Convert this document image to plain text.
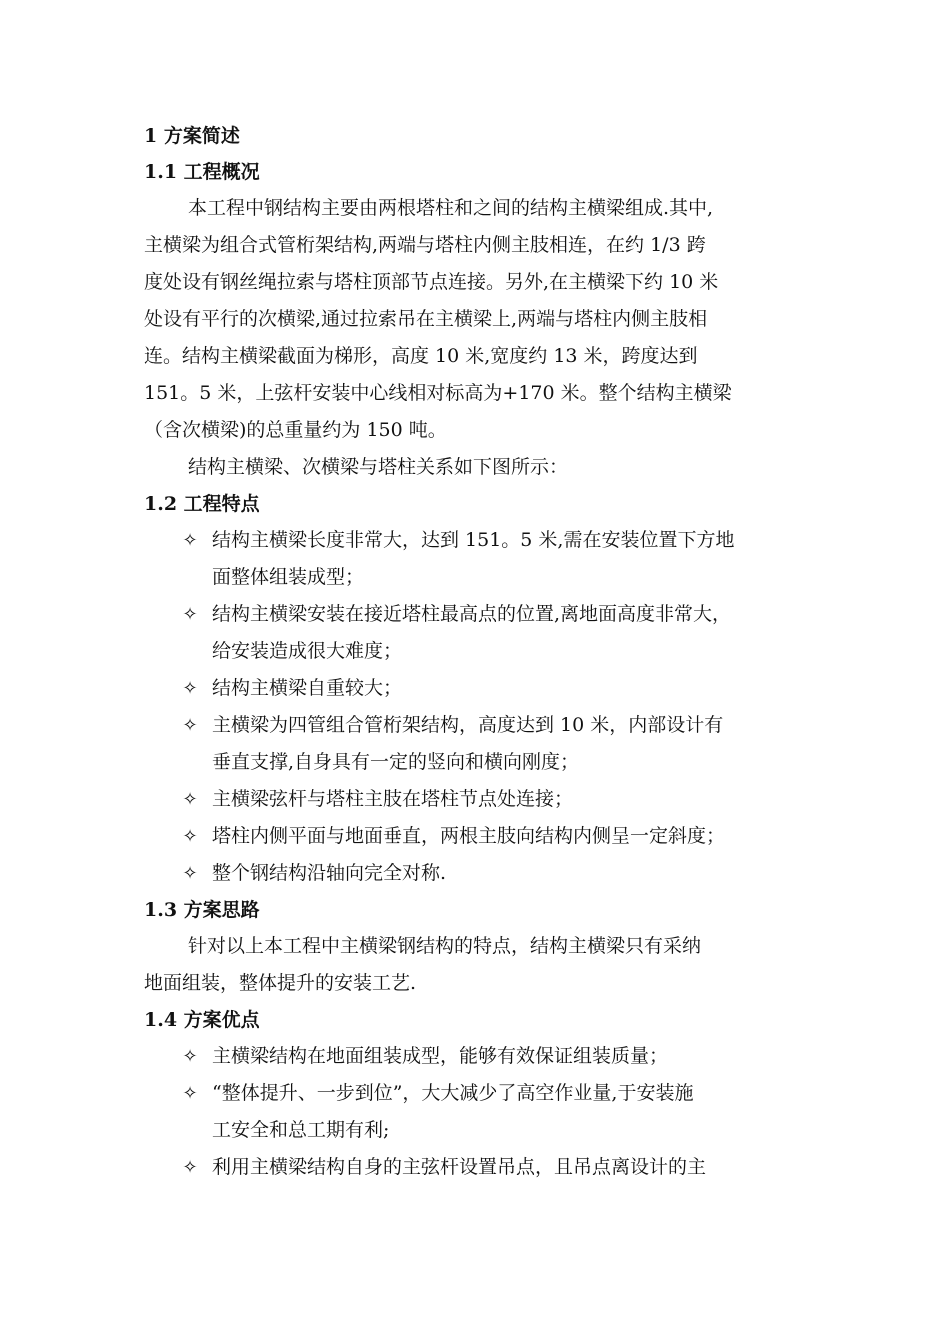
1 方案简述
1.1 工程概况
本工程中钢结构主要由两根塔柱和之间的结构主横梁组成.其中,
主横梁为组合式管桁架结构,两端与塔柱内侧主肢相连，在约 1/3 跨
度处设有钢丝绳拉索与塔柱顶部节点连接。另外,在主横梁下约 10 米
处设有平行的次横梁,通过拉索吊在主横梁上,两端与塔柱内侧主肢相
连。结构主横梁截面为梯形，高度 10 米,宽度约 13 米，跨度达到
151。5 米，上弦杆安装中心线相对标高为+170 米。整个结构主横梁
（含次横梁)的总重量约为 150 吨。
结构主横梁、次横梁与塔柱关系如下图所示：
1.2 工程特点
✧ 结构主横梁长度非常大，达到 151。5 米,需在安装位置下方地
面整体组装成型；
✧ 结构主横梁安装在接近塔柱最高点的位置,离地面高度非常大，
给安装造成很大难度；
✧ 结构主横梁自重较大；
✧ 主横梁为四管组合管桁架结构，高度达到 10 米，内部设计有
垂直支撑,自身具有一定的竖向和横向刚度；
✧ 主横梁弦杆与塔柱主肢在塔柱节点处连接；
✧ 塔柱内侧平面与地面垂直，两根主肢向结构内侧呈一定斜度；
✧ 整个钢结构沿轴向完全对称.
1.3 方案思路
针对以上本工程中主横梁钢结构的特点，结构主横梁只有采纳
地面组装，整体提升的安装工艺.
1.4 方案优点
✧ 主横梁结构在地面组装成型，能够有效保证组装质量；
✧ “整体提升、一步到位”，大大减少了高空作业量,于安装施
工安全和总工期有利;
✧ 利用主横梁结构自身的主弦杆设置吊点，且吊点离设计的主
